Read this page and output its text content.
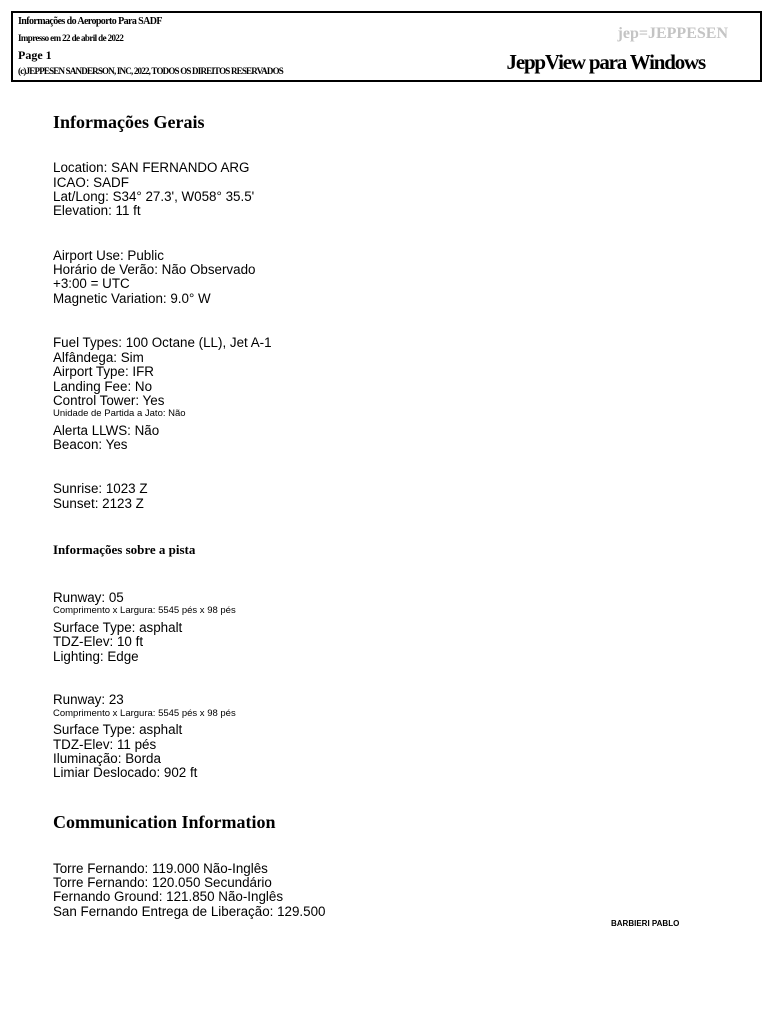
Informações do Aeroporto Para SADF
Impresso em 22 de abril de 2022
Page 1
(c)JEPPESEN SANDERSON, INC, 2022, TODOS OS DIREITOS RESERVADOS
jep=JEPPESEN
JeppView para Windows
Informações Gerais
Location: SAN FERNANDO ARG
ICAO: SADF
Lat/Long: S34° 27.3', W058° 35.5'
Elevation: 11 ft
Airport Use: Public
Horário de Verão: Não Observado
+3:00 = UTC
Magnetic Variation: 9.0° W
Fuel Types: 100 Octane (LL), Jet A-1
Alfândega: Sim
Airport Type: IFR
Landing Fee: No
Control Tower: Yes
Unidade de Partida a Jato: Não
Alerta LLWS: Não
Beacon: Yes
Sunrise: 1023 Z
Sunset: 2123 Z
Informações sobre a pista
Runway: 05
Comprimento x Largura: 5545 pés x 98 pés
Surface Type: asphalt
TDZ-Elev: 10 ft
Lighting: Edge
Runway: 23
Comprimento x Largura: 5545 pés x 98 pés
Surface Type: asphalt
TDZ-Elev: 11 pés
Iluminação: Borda
Limiar Deslocado: 902 ft
Communication Information
Torre Fernando: 119.000 Não-Inglês
Torre Fernando: 120.050 Secundário
Fernando Ground: 121.850 Não-Inglês
San Fernando Entrega de Liberação: 129.500
BARBIERI PABLO
